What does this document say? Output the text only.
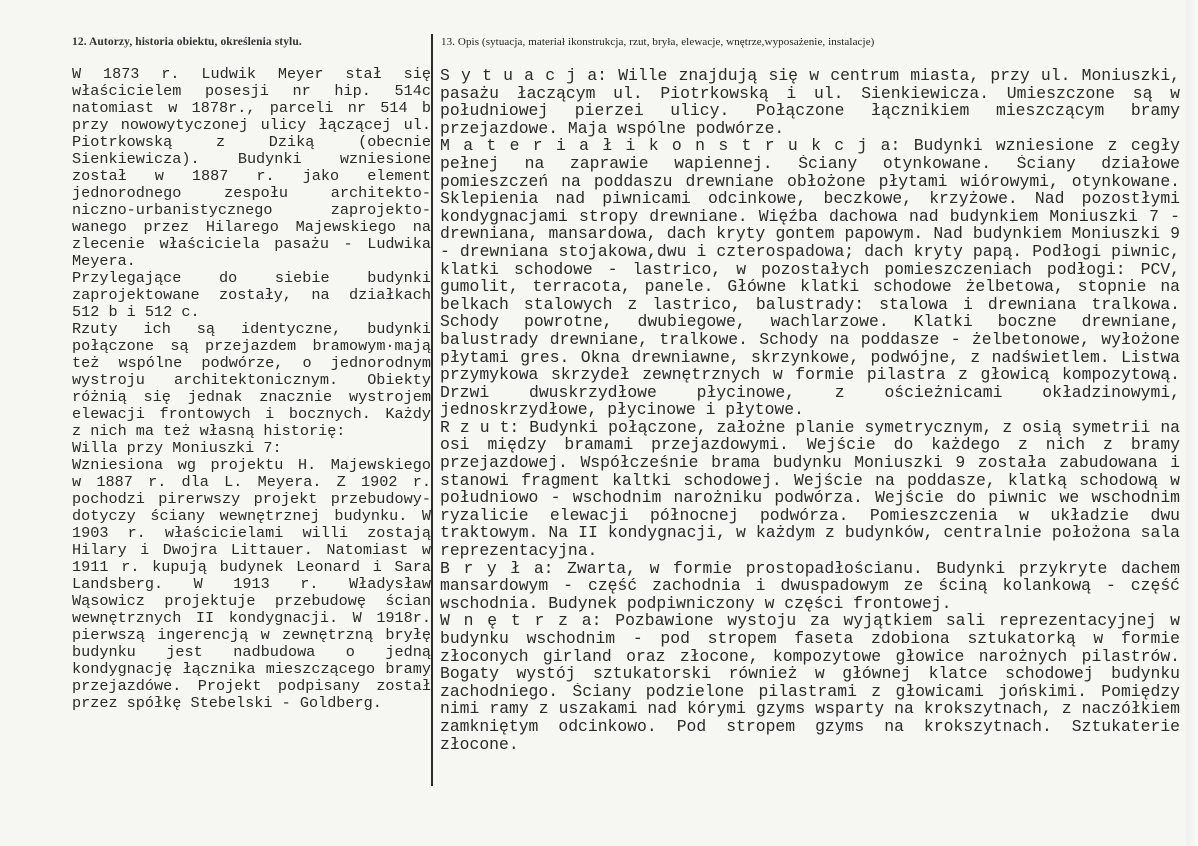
12. Autorzy, historia obiektu, określenia stylu.	13. Opis (sytuacja, materiał ikonstrukcja, rzut, bryła, elewacje, wnętrze,wyposażenie, instalacje)
W 1873 r. Ludwik Meyer stał się
właścicielem posesji nr hip. 514c
natomiast w 1878r., parceli nr 514 b
przy nowowytyczonej ulicy łączącej ul.
Piotrkowską z Dziką (obecnie
Sienkiewicza). Budynki wzniesione
został w 1887 r. jako element
jednorodnego zespołu architekto-
niczno-urbanistycznego zaprojekto-
wanego przez Hilarego Majewskiego na
zlecenie właściciela pasażu - Ludwika
Meyera.
Przylegające do siebie budynki
zaprojektowane zostały, na działkach
512 b i 512 c.
Rzuty ich są identyczne, budynki
połączone są przejazdem bramowym·mają
też wspólne podwórze, o jednorodnym
wystroju architektonicznym. Obiekty
różnią się jednak znacznie wystrojem
elewacji frontowych i bocznych. Każdy
z nich ma też własną historię:
Willa przy Moniuszki 7:
Wzniesiona wg projektu H. Majewskiego
w 1887 r. dla L. Meyera. Z 1902 r.
pochodzi pirerwszy projekt przebudowy-
dotyczy ściany wewnętrznej budynku. W
1903 r. właścicielami willi zostają
Hilary i Dwojra Littauer. Natomiast w
1911 r. kupują budynek Leonard i Sara
Landsberg. W 1913 r. Władysław
Wąsowicz projektuje przebudowę ścian
wewnętrznych II kondygnacji. W 1918r.
pierwszą ingerencją w zewnętrzną bryłę
budynku jest nadbudowa o jedną
kondygnację łącznika mieszczącego bramy
przejazdówe. Projekt podpisany został
przez spółkę Stebelski - Goldberg.
S y t u a c j a: Wille znajdują się w centrum miasta, przy ul. Moniuszki,
pasażu łaczącym ul. Piotrkowską i ul. Sienkiewicza. Umieszczone są w
południowej pierzei ulicy. Połączone łącznikiem mieszczącym bramy
przejazdowe. Maja wspólne podwórze.
M a t e r i a ł i k o n s t r u k c j a: Budynki wzniesione z cegły
pełnej na zaprawie wapiennej. Ściany otynkowane. Ściany działowe
pomieszczeń na poddaszu drewniane obłożone płytami wiórowymi, otynkowane.
Sklepienia nad piwnicami odcinkowe, beczkowe, krzyżowe. Nad pozostłymi
kondygnacjami stropy drewniane. Więźba dachowa nad budynkiem Moniuszki 7 -
drewniana, mansardowa, dach kryty gontem papowym. Nad budynkiem Moniuszki 9
- drewniana stojakowa,dwu i czterospadowa; dach kryty papą. Podłogi piwnic,
klatki schodowe - lastrico, w pozostałych pomieszczeniach podłogi: PCV,
gumolit, terracota, panele. Główne klatki schodowe żelbetowa, stopnie na
belkach stalowych z lastrico, balustrady: stalowa i drewniana tralkowa.
Schody powrotne, dwubiegowe, wachlarzowe. Klatki boczne drewniane,
balustrady drewniane, tralkowe. Schody na poddasze - żelbetonowe, wyłożone
płytami gres. Okna drewniawne, skrzynkowe, podwójne, z nadświetlem. Listwa
przymykowa skrzydeł zewnętrznych w formie pilastra z głowicą kompozytową.
Drzwi dwuskrzydłowe płycinowe, z ościeżnicami okładzinowymi,
jednoskrzydłowe, płycinowe i płytowe.
R z u t: Budynki połączone, założne planie symetrycznym, z osią symetrii na
osi między bramami przejazdowymi. Wejście do każdego z nich z bramy
przejazdowej. Współcześnie brama budynku Moniuszki 9 została zabudowana i
stanowi fragment kaltki schodowej. Wejście na poddasze, klatką schodową w
południowo - wschodnim narożniku podwórza. Wejście do piwnic we wschodnim
ryzalicie elewacji północnej podwórza. Pomieszczenia w układzie dwu
traktowym. Na II kondygnacji, w każdym z budynków, centralnie położona sala
reprezentacyjna.
B r y ł a: Zwarta, w formie prostopadłościanu. Budynki przykryte dachem
mansardowym - część zachodnia i dwuspadowym ze ściną kolankową - część
wschodnia. Budynek podpiwniczony w części frontowej.
W n ę t r z a: Pozbawione wystoju za wyjątkiem sali reprezentacyjnej w
budynku wschodnim - pod stropem faseta zdobiona sztukatorką w formie
złoconych girland oraz złocone, kompozytowe głowice narożnych pilastrów.
Bogaty wystój sztukatorski również w głównej klatce schodowej budynku
zachodniego. Ściany podzielone pilastrami z głowicami jońskimi. Pomiędzy
nimi ramy z uszakami nad kórymi gzyms wsparty na krokszytnach, z naczółkiem
zamkniętym odcinkowo. Pod stropem gzyms na krokszytnach. Sztukaterie
złocone.
